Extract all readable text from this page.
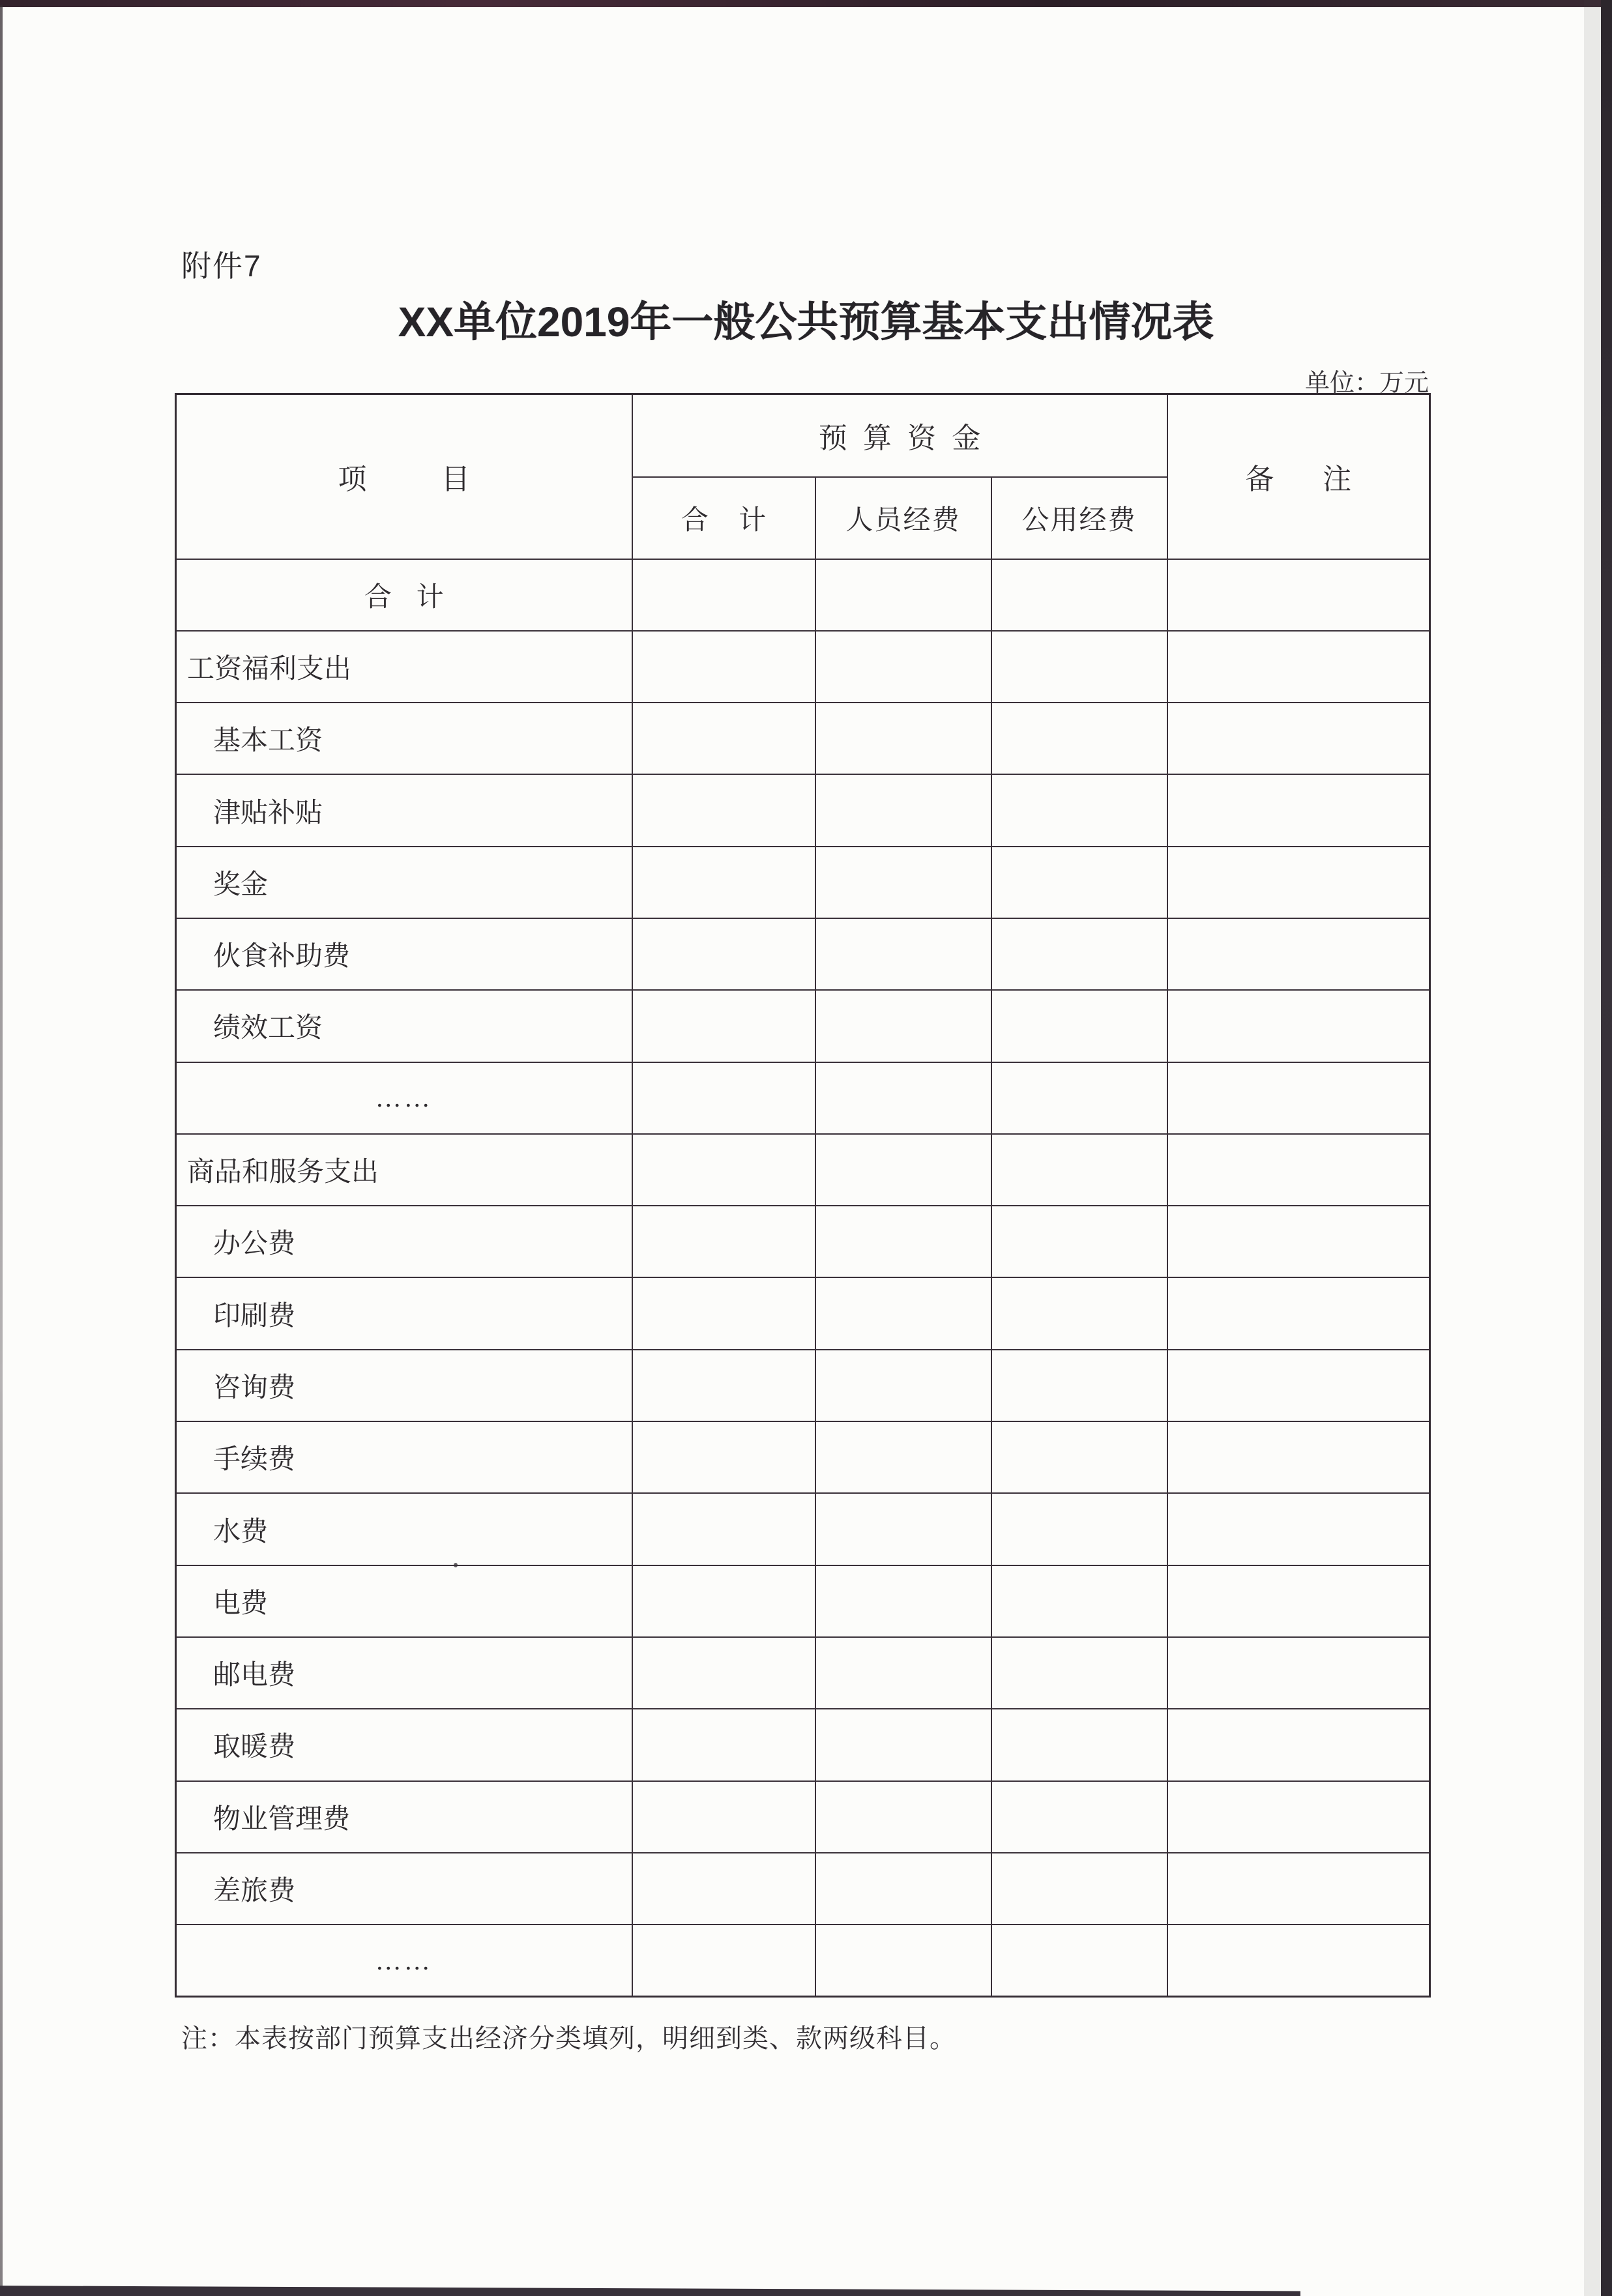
附件7
XX单位2019年一般公共预算基本支出情况表
单位：万元
项目	预算资金			备注
	合计	人员经费	公用经费	
合计				
工资福利支出				
基本工资				
津贴补贴				
奖金				
伙食补助费				
绩效工资				
……				
商品和服务支出				
办公费				
印刷费				
咨询费				
手续费				
水费				
电费				
邮电费				
取暖费				
物业管理费				
差旅费				
……				
注：本表按部门预算支出经济分类填列，明细到类、款两级科目。
